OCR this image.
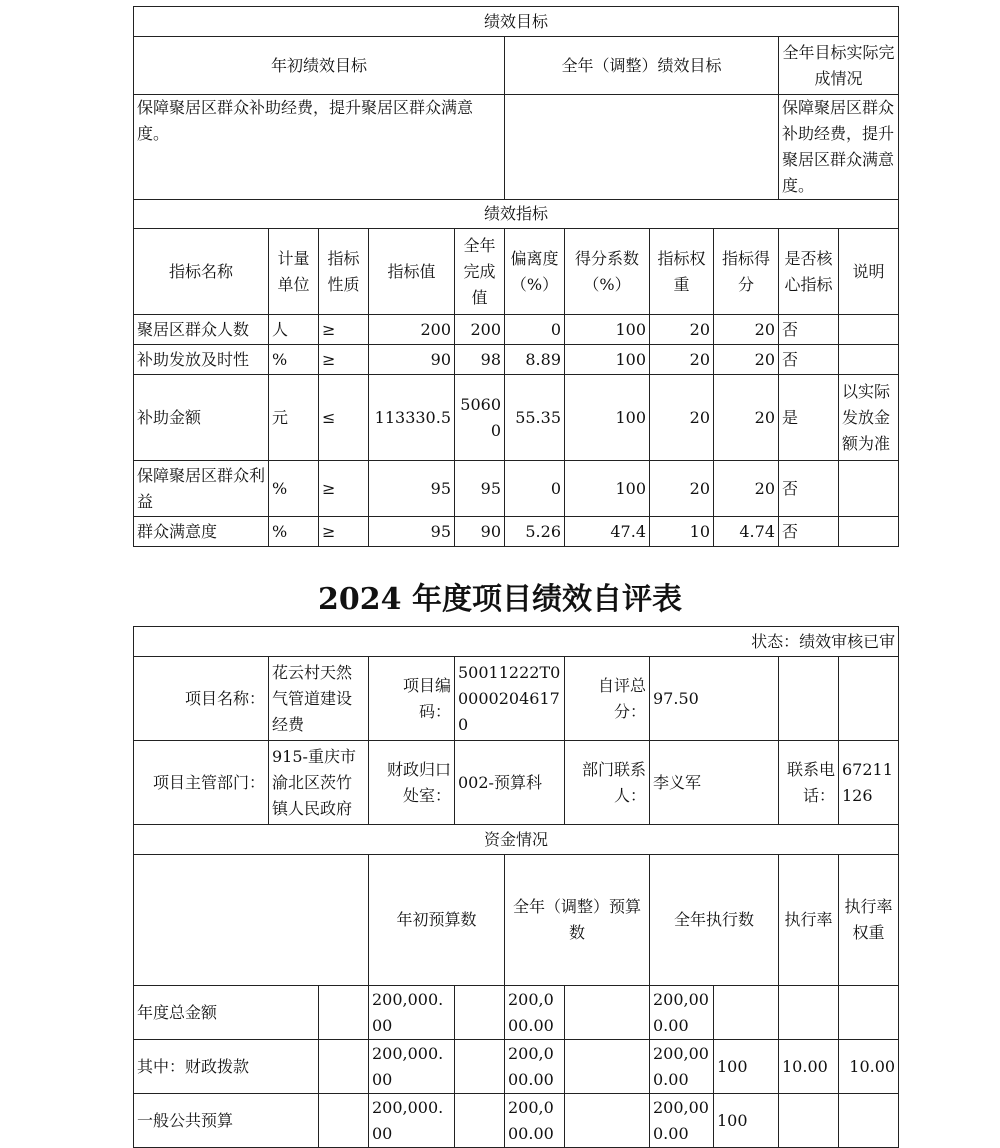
绩效目标										
年初绩效目标					全年（调整）绩效目标				全年目标实际完成情况	
保障聚居区群众补助经费，提升聚居区群众满意度。									保障聚居区群众补助经费，提升聚居区群众满意度。	
绩效指标										
指标名称	计量单位	指标性质	指标值	全年完成值	偏离度（%）	得分系数（%）	指标权重	指标得分	是否核心指标	说明
聚居区群众人数	人	≥	200	200	0	100	20	20	否	
补助发放及时性	%	≥	90	98	8.89	100	20	20	否	
补助金额	元	≤	113330.5	50600	55.35	100	20	20	是	以实际发放金额为准
保障聚居区群众利益	%	≥	95	95	0	100	20	20	否	
群众满意度	%	≥	95	90	5.26	47.4	10	4.74	否	
2024 年度项目绩效自评表
状态：绩效审核已审											
项目名称：	花云村天然气管道建设经费		项目编码：	50011222T000002046170		自评总分：	97.50				
项目主管部门：	915-重庆市渝北区茨竹镇人民政府		财政归口处室：	002-预算科		部门联系人：	李义军		联系电话：	67211126	
资金情况											
			年初预算数		全年（调整）预算数		全年执行数		执行率	执行率权重	
年度总金额			200,000.00		200,000.00		200,000.00				
其中：财政拨款			200,000.00		200,000.00		200,000.00	100	10.00	10.00	
一般公共预算			200,000.00		200,000.00		200,000.00	100			
